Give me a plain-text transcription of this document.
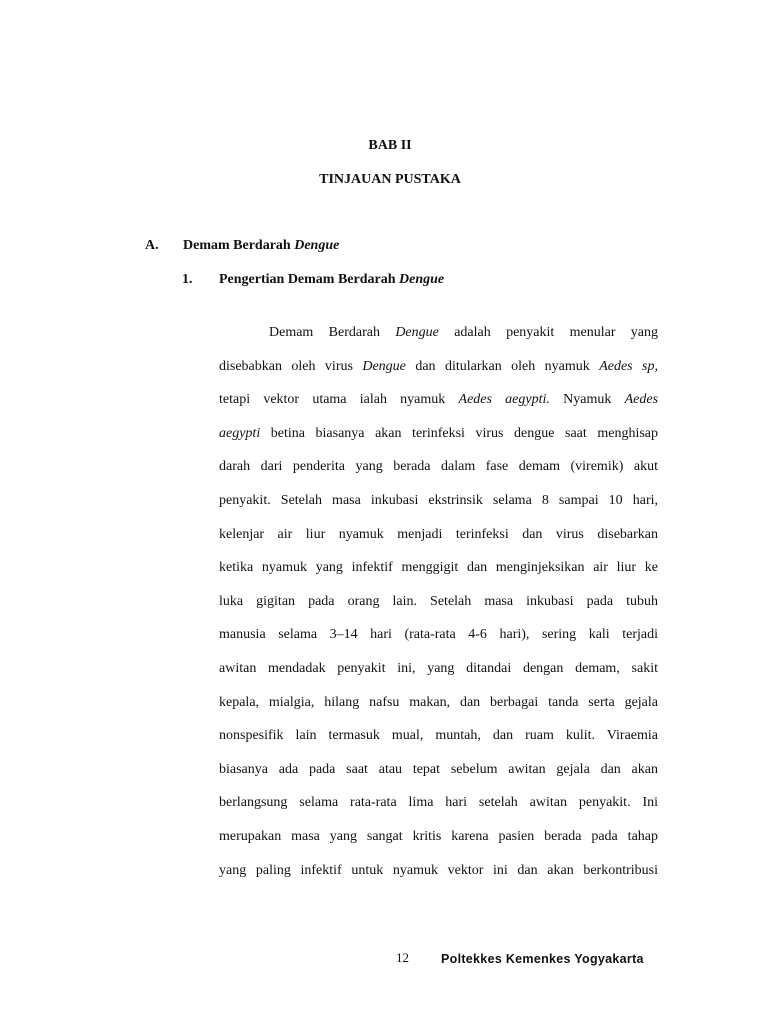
BAB II
TINJAUAN PUSTAKA
A. Demam Berdarah Dengue
1. Pengertian Demam Berdarah Dengue
Demam Berdarah Dengue adalah penyakit menular yang
disebabkan oleh virus Dengue dan ditularkan oleh nyamuk Aedes sp,
tetapi vektor utama ialah nyamuk Aedes aegypti. Nyamuk Aedes
aegypti betina biasanya akan terinfeksi virus dengue saat menghisap
darah dari penderita yang berada dalam fase demam (viremik) akut
penyakit. Setelah masa inkubasi ekstrinsik selama 8 sampai 10 hari,
kelenjar air liur nyamuk menjadi terinfeksi dan virus disebarkan
ketika nyamuk yang infektif menggigit dan menginjeksikan air liur ke
luka gigitan pada orang lain. Setelah masa inkubasi pada tubuh
manusia selama 3–14 hari (rata-rata 4-6 hari), sering kali terjadi
awitan mendadak penyakit ini, yang ditandai dengan demam, sakit
kepala, mialgia, hilang nafsu makan, dan berbagai tanda serta gejala
nonspesifik lain termasuk mual, muntah, dan ruam kulit. Viraemia
biasanya ada pada saat atau tepat sebelum awitan gejala dan akan
berlangsung selama rata-rata lima hari setelah awitan penyakit. Ini
merupakan masa yang sangat kritis karena pasien berada pada tahap
yang paling infektif untuk nyamuk vektor ini dan akan berkontribusi
12	Poltekkes Kemenkes Yogyakarta
